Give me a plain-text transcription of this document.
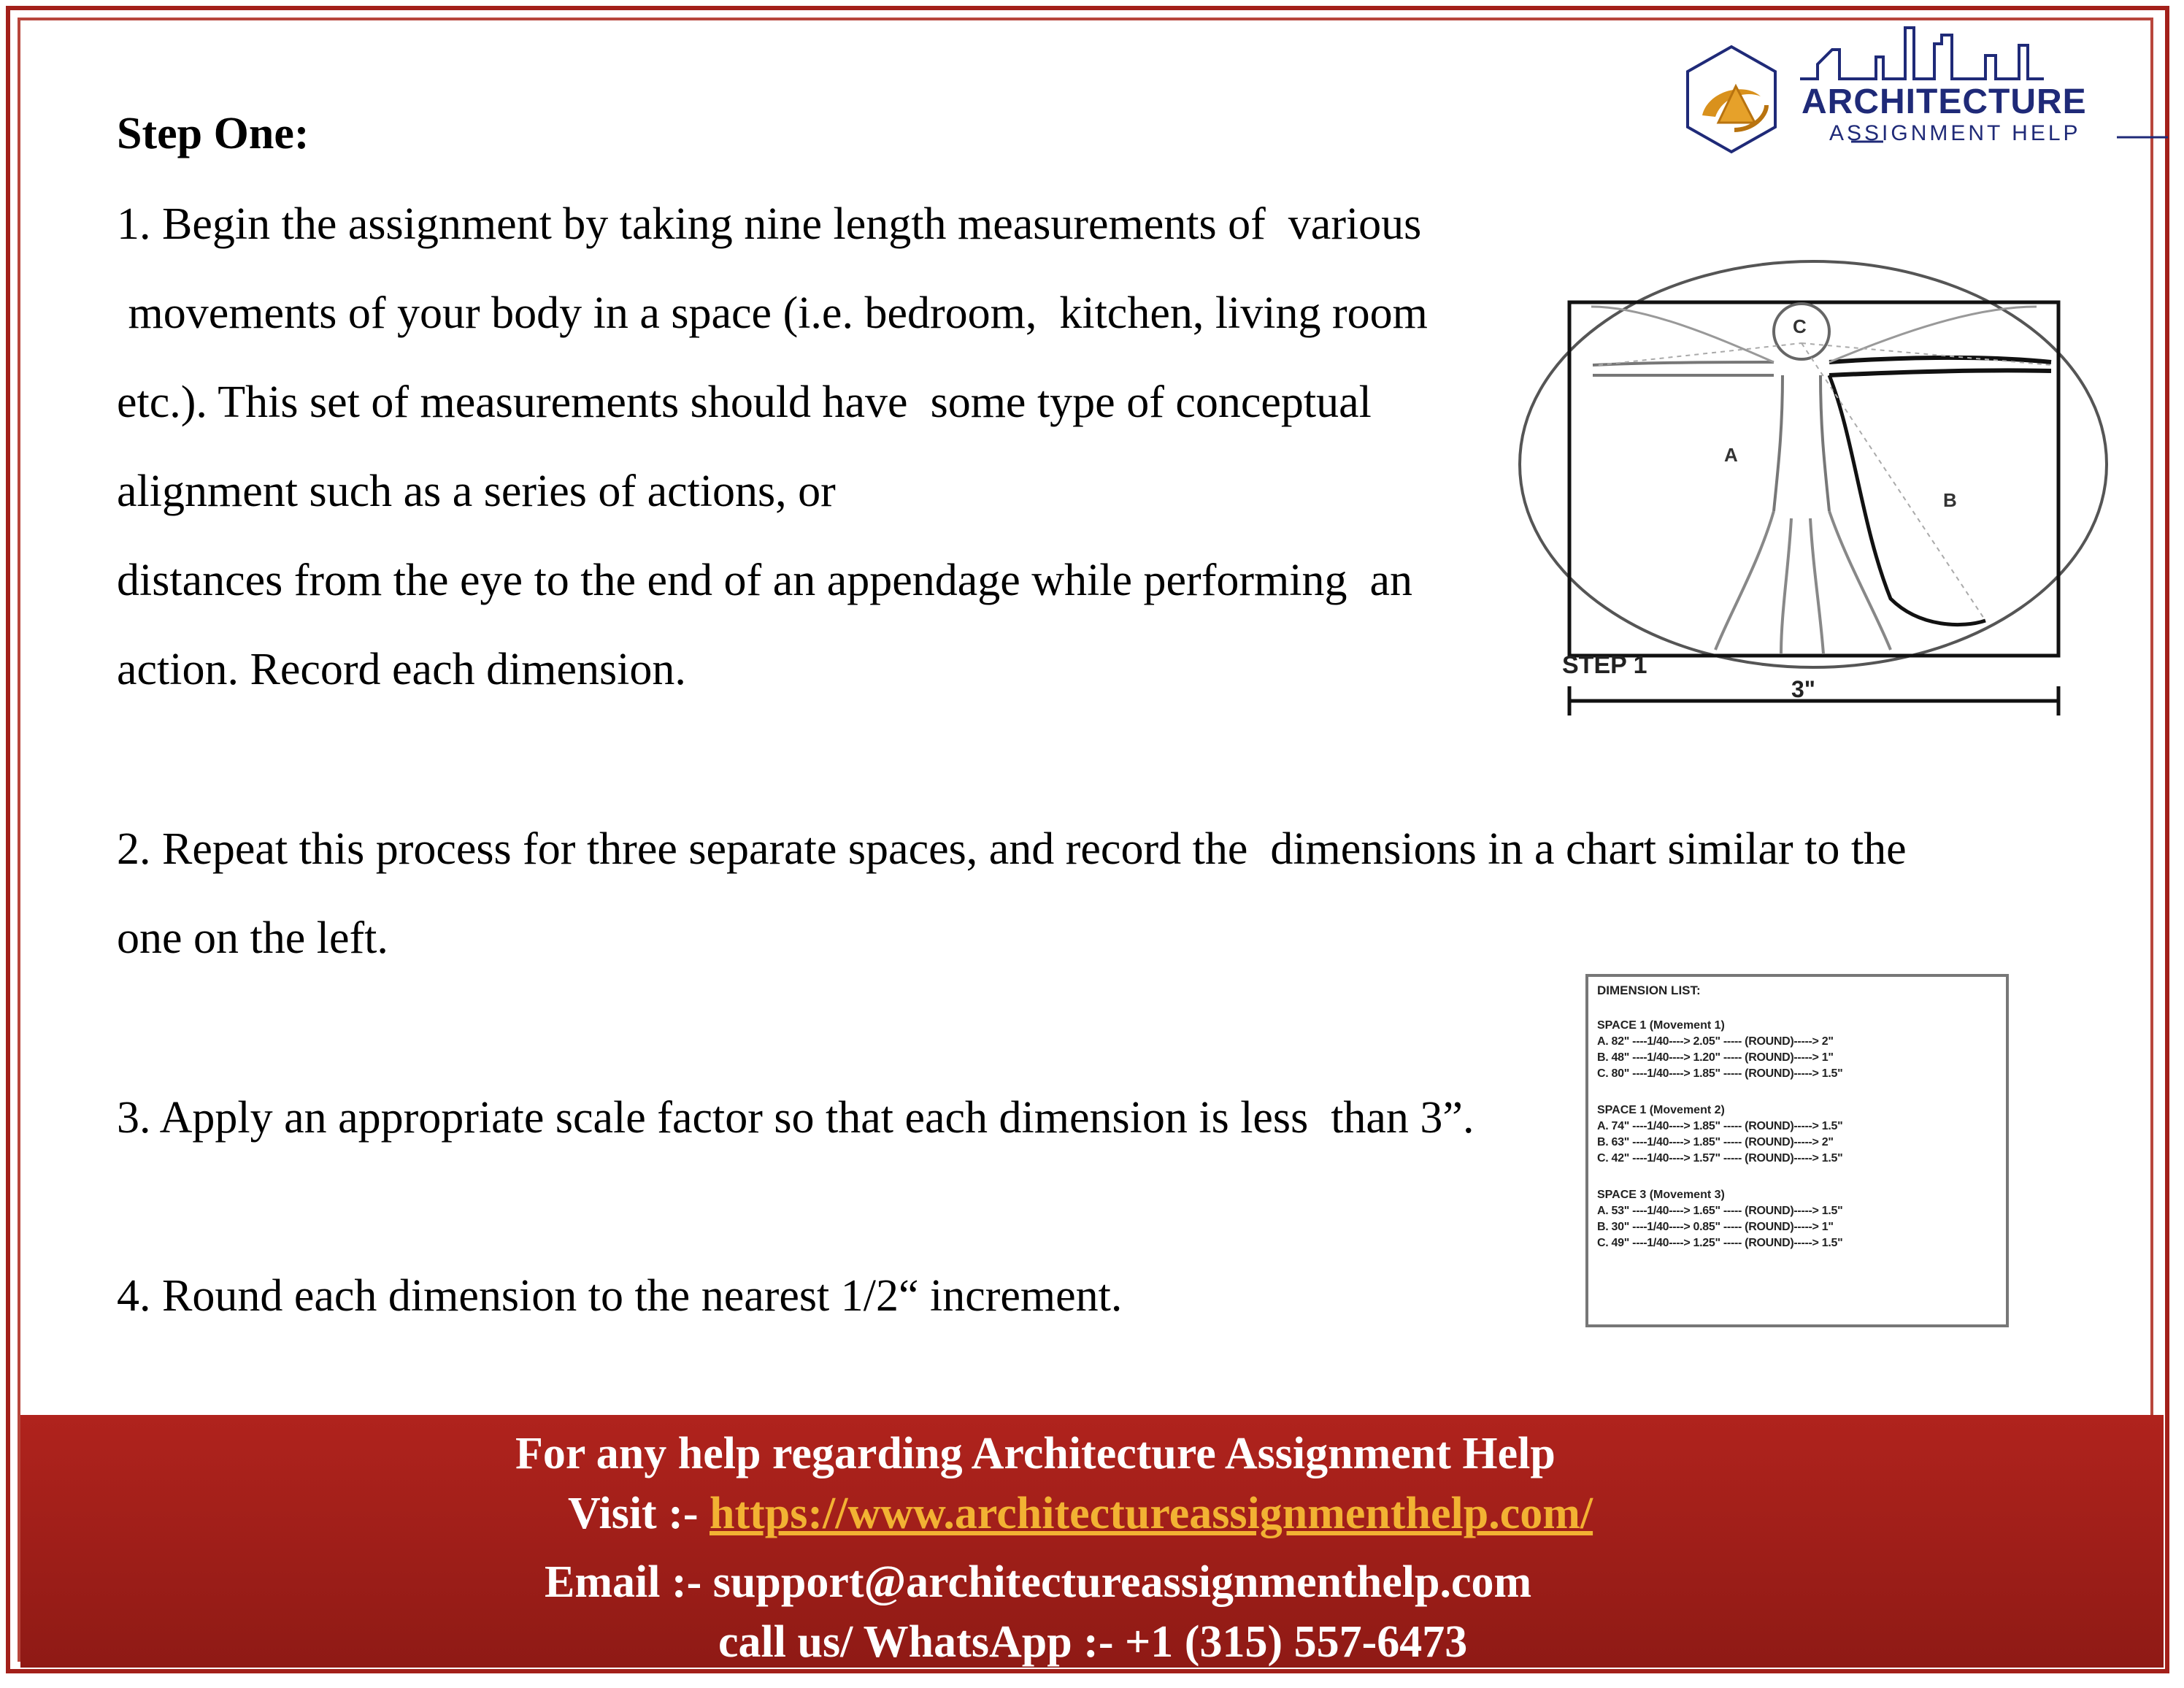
ARCHITECTURE
ASSIGNMENT HELP
Step One:
1. Begin the assignment by taking nine length measurements of  various
movements of your body in a space (i.e. bedroom,  kitchen, living room
etc.). This set of measurements should have  some type of conceptual
alignment such as a series of actions, or
distances from the eye to the end of an appendage while performing  an
action. Record each dimension.
2. Repeat this process for three separate spaces, and record the  dimensions in a chart similar to the
one on the left.
3. Apply an appropriate scale factor so that each dimension is less  than 3”.
4. Round each dimension to the nearest 1/2“ increment.
C
A
B
STEP 1
3"
DIMENSION LIST:
SPACE 1 (Movement 1)
A. 82" ----1/40----> 2.05" ----- (ROUND)-----> 2"
B. 48" ----1/40----> 1.20" ----- (ROUND)-----> 1"
C. 80" ----1/40----> 1.85" ----- (ROUND)-----> 1.5"
SPACE 1 (Movement 2)
A. 74" ----1/40----> 1.85" ----- (ROUND)-----> 1.5"
B. 63" ----1/40----> 1.85" ----- (ROUND)-----> 2"
C. 42" ----1/40----> 1.57" ----- (ROUND)-----> 1.5"
SPACE 3 (Movement 3)
A. 53" ----1/40----> 1.65" ----- (ROUND)-----> 1.5"
B. 30" ----1/40----> 0.85" ----- (ROUND)-----> 1"
C. 49" ----1/40----> 1.25" ----- (ROUND)-----> 1.5"
For any help regarding Architecture Assignment Help
Visit :- https://www.architectureassignmenthelp.com/
Email :- support@architectureassignmenthelp.com
call us/ WhatsApp :- +1 (315) 557-6473
